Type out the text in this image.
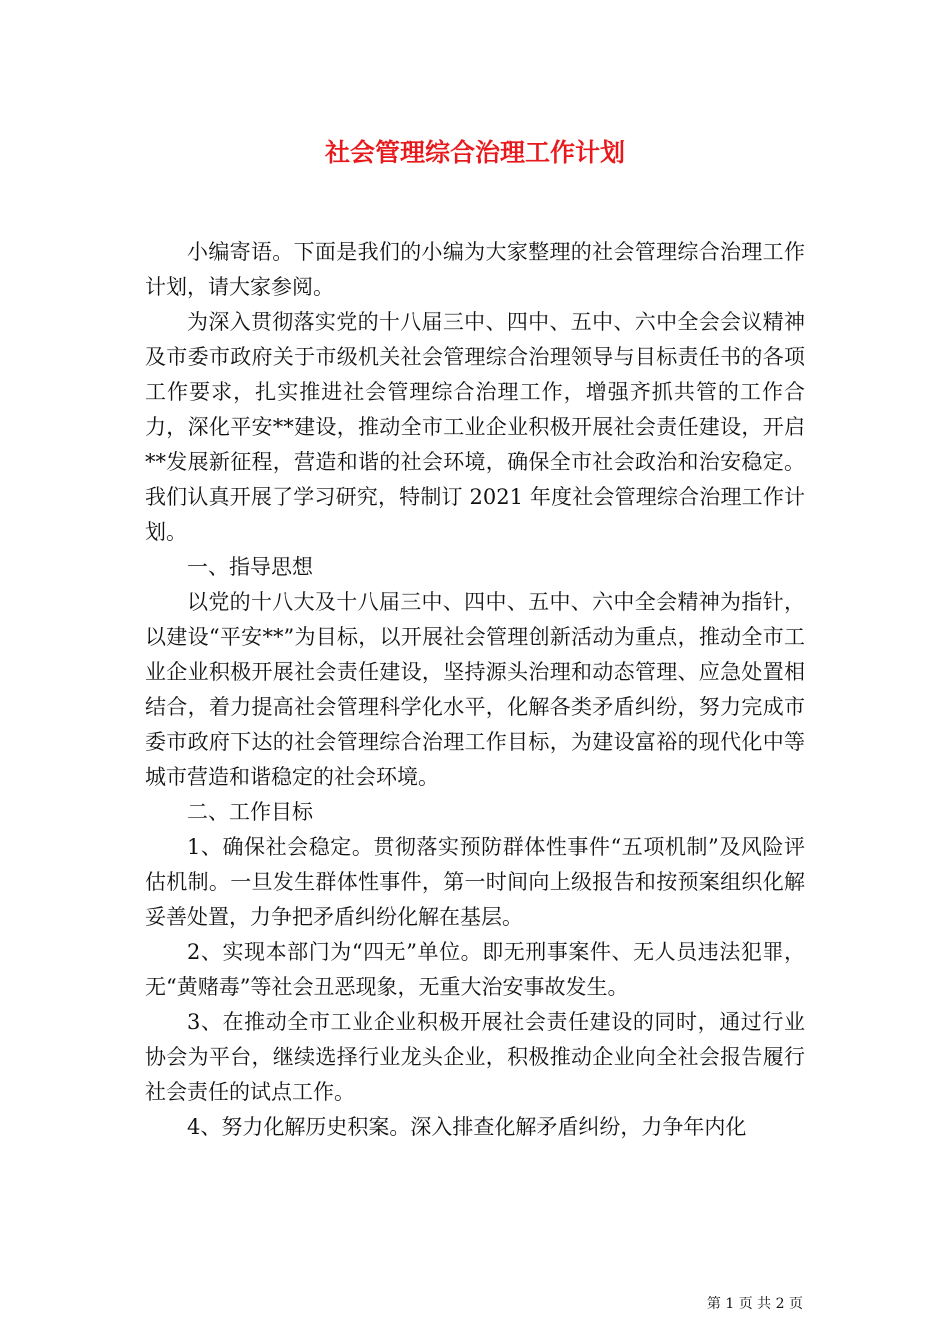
社会管理综合治理工作计划

小编寄语。下面是我们的小编为大家整理的社会管理综合治理工作计划，请大家参阅。

为深入贯彻落实党的十八届三中、四中、五中、六中全会会议精神及市委市政府关于市级机关社会管理综合治理领导与目标责任书的各项工作要求，扎实推进社会管理综合治理工作，增强齐抓共管的工作合力，深化平安**建设，推动全市工业企业积极开展社会责任建设，开启**发展新征程，营造和谐的社会环境，确保全市社会政治和治安稳定。我们认真开展了学习研究，特制订 2021 年度社会管理综合治理工作计划。

一、指导思想

以党的十八大及十八届三中、四中、五中、六中全会精神为指针，以建设“平安**”为目标，以开展社会管理创新活动为重点，推动全市工业企业积极开展社会责任建设，坚持源头治理和动态管理、应急处置相结合，着力提高社会管理科学化水平，化解各类矛盾纠纷，努力完成市委市政府下达的社会管理综合治理工作目标，为建设富裕的现代化中等城市营造和谐稳定的社会环境。

二、工作目标

1、确保社会稳定。贯彻落实预防群体性事件“五项机制”及风险评估机制。一旦发生群体性事件，第一时间向上级报告和按预案组织化解妥善处置，力争把矛盾纠纷化解在基层。

2、实现本部门为“四无”单位。即无刑事案件、无人员违法犯罪，无“黄赌毒”等社会丑恶现象，无重大治安事故发生。

3、在推动全市工业企业积极开展社会责任建设的同时，通过行业协会为平台，继续选择行业龙头企业，积极推动企业向全社会报告履行社会责任的试点工作。

4、努力化解历史积案。深入排查化解矛盾纠纷，力争年内化

第 1 页 共 2 页
